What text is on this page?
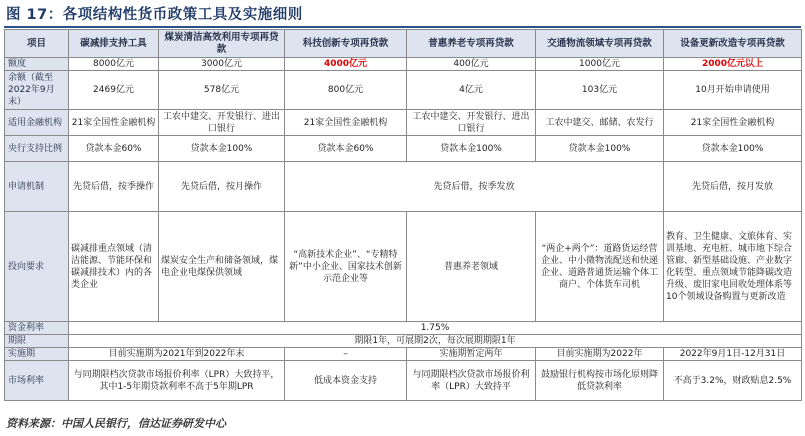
图 17：各项结构性货币政策工具及实施细则
项目	碳减排支持工具	煤炭清洁高效利用专项再贷款	科技创新专项再贷款	普惠养老专项再贷款	交通物流领域专项再贷款	设备更新改造专项再贷款
额度	8000亿元	3000亿元	4000亿元	400亿元	1000亿元	2000亿元以上
余额（截至2022年9月末）	2469亿元	578亿元	800亿元	4亿元	103亿元	10月开始申请使用
适用金融机构	21家全国性金融机构	工农中建交、开发银行、进出口银行	21家全国性金融机构	工农中建交、开发银行、进出口银行	工农中建交、邮储、农发行	21家全国性金融机构
央行支持比例	贷款本金60%	贷款本金100%	贷款本金60%	贷款本金100%	贷款本金100%	贷款本金100%
申请机制	先贷后借，按季操作	先贷后借，按月操作	先贷后借，按季发放			先贷后借，按月发放
投向要求	碳减排重点领域（清洁能源、节能环保和碳减排技术）内的各类企业	煤炭安全生产和储备领域，煤电企业电煤保供领域	“高新技术企业”、“专精特新”中小企业、国家技术创新示范企业等	普惠养老领域	“两企+两个”：道路货运经营企业、中小微物流配送和快递企业、道路普通货运输个体工商户、个体货车司机	教育、卫生健康、文旅体育、实训基地、充电桩、城市地下综合管廊、新型基础设施、产业数字化转型、重点领域节能降碳改造升级、废旧家电回收处理体系等10个领域设备购置与更新改造
资金利率	1.75%					
期限	期限1年，可展期2次，每次展期期限1年					
实施期	目前实施期为2021年到2022年末		–	实施期暂定两年	目前实施期为2022年	2022年9月1日-12月31日
市场利率	与同期限档次贷款市场报价利率（LPR）大致持平，其中1-5年期贷款利率不高于5年期LPR		低成本资金支持	与同期限档次贷款市场报价利率（LPR）大致持平	鼓励银行机构按市场化原则降低贷款利率	不高于3.2%，财政贴息2.5%
资料来源：中国人民银行，信达证券研发中心
